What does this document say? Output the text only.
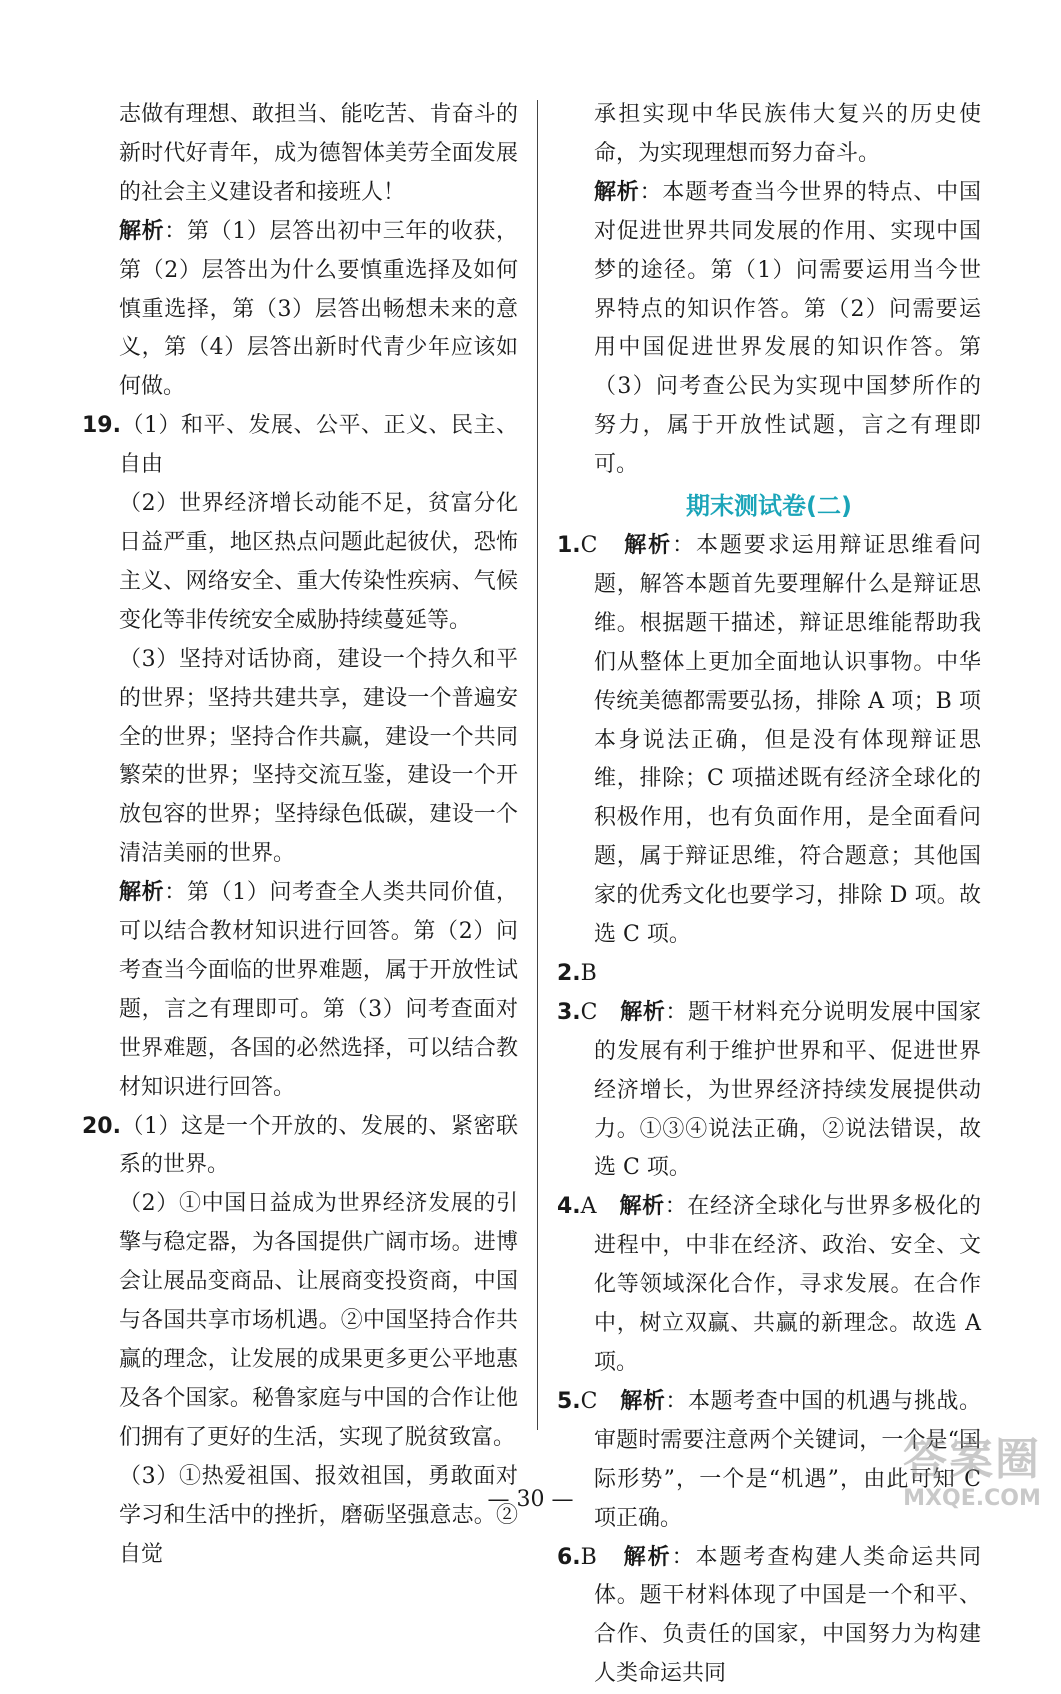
志做有理想、敢担当、能吃苦、肯奋斗的新时代好青年，成为德智体美劳全面发展的社会主义建设者和接班人！

解析：第（1）层答出初中三年的收获，第（2）层答出为什么要慎重选择及如何慎重选择，第（3）层答出畅想未来的意义，第（4）层答出新时代青少年应该如何做。

19.（1）和平、发展、公平、正义、民主、自由

（2）世界经济增长动能不足，贫富分化日益严重，地区热点问题此起彼伏，恐怖主义、网络安全、重大传染性疾病、气候变化等非传统安全威胁持续蔓延等。

（3）坚持对话协商，建设一个持久和平的世界；坚持共建共享，建设一个普遍安全的世界；坚持合作共赢，建设一个共同繁荣的世界；坚持交流互鉴，建设一个开放包容的世界；坚持绿色低碳，建设一个清洁美丽的世界。

解析：第（1）问考查全人类共同价值，可以结合教材知识进行回答。第（2）问考查当今面临的世界难题，属于开放性试题，言之有理即可。第（3）问考查面对世界难题，各国的必然选择，可以结合教材知识进行回答。

20.（1）这是一个开放的、发展的、紧密联系的世界。

（2）①中国日益成为世界经济发展的引擎与稳定器，为各国提供广阔市场。进博会让展品变商品、让展商变投资商，中国与各国共享市场机遇。②中国坚持合作共赢的理念，让发展的成果更多更公平地惠及各个国家。秘鲁家庭与中国的合作让他们拥有了更好的生活，实现了脱贫致富。

（3）①热爱祖国、报效祖国，勇敢面对学习和生活中的挫折，磨砺坚强意志。②自觉

承担实现中华民族伟大复兴的历史使命，为实现理想而努力奋斗。

解析：本题考查当今世界的特点、中国对促进世界共同发展的作用、实现中国梦的途径。第（1）问需要运用当今世界特点的知识作答。第（2）问需要运用中国促进世界发展的知识作答。第（3）问考查公民为实现中国梦所作的努力，属于开放性试题，言之有理即可。

期末测试卷(二)

1.C 解析：本题要求运用辩证思维看问题，解答本题首先要理解什么是辩证思维。根据题干描述，辩证思维能帮助我们从整体上更加全面地认识事物。中华传统美德都需要弘扬，排除 A 项；B 项本身说法正确，但是没有体现辩证思维，排除；C 项描述既有经济全球化的积极作用，也有负面作用，是全面看问题，属于辩证思维，符合题意；其他国家的优秀文化也要学习，排除 D 项。故选 C 项。

2.B

3.C 解析：题干材料充分说明发展中国家的发展有利于维护世界和平、促进世界经济增长，为世界经济持续发展提供动力。①③④说法正确，②说法错误，故选 C 项。

4.A 解析：在经济全球化与世界多极化的进程中，中非在经济、政治、安全、文化等领域深化合作，寻求发展。在合作中，树立双赢、共赢的新理念。故选 A 项。

5.C 解析：本题考查中国的机遇与挑战。审题时需要注意两个关键词，一个是“国际形势”，一个是“机遇”，由此可知 C 项正确。

6.B 解析：本题考查构建人类命运共同体。题干材料体现了中国是一个和平、合作、负责任的国家，中国努力为构建人类命运共同

— 30 —
答案圈
MXQE.COM
